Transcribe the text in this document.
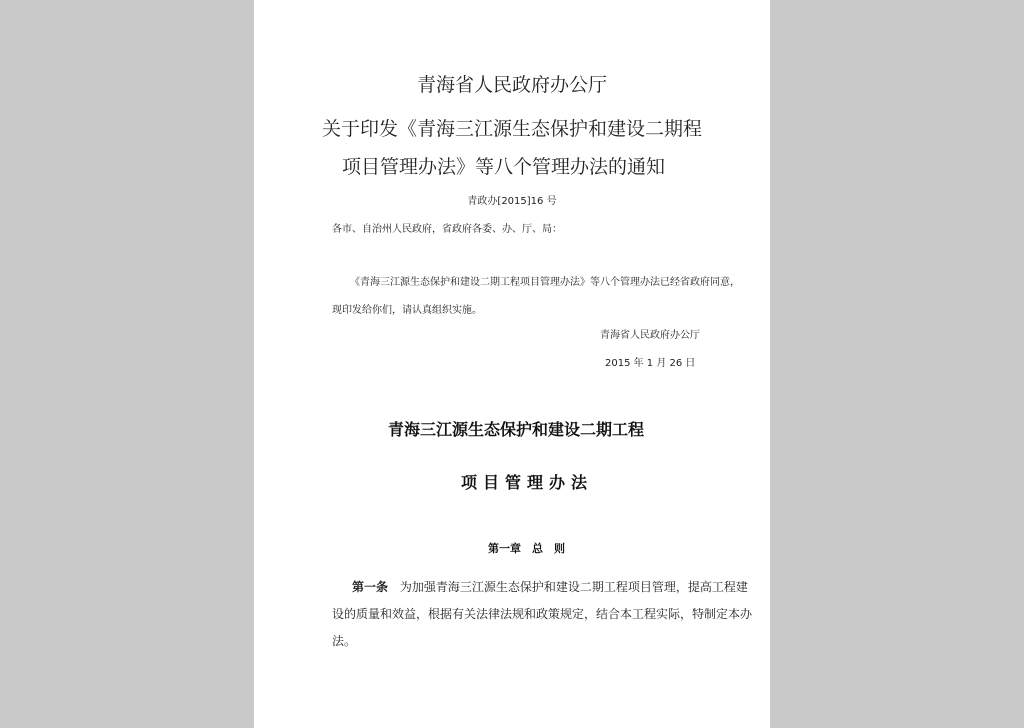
青海省人民政府办公厅
关于印发《青海三江源生态保护和建设二期程
项目管理办法》等八个管理办法的通知
青政办[2015]16 号
各市、自治州人民政府，省政府各委、办、厅、局：
《青海三江源生态保护和建设二期工程项目管理办法》等八个管理办法已经省政府同意，
现印发给你们，请认真组织实施。
青海省人民政府办公厅
2015 年 1 月 26 日
青海三江源生态保护和建设二期工程
项目管理办法
第一章　总　则
第一条 为加强青海三江源生态保护和建设二期工程项目管理，提高工程建
设的质量和效益，根据有关法律法规和政策规定，结合本工程实际，特制定本办
法。
